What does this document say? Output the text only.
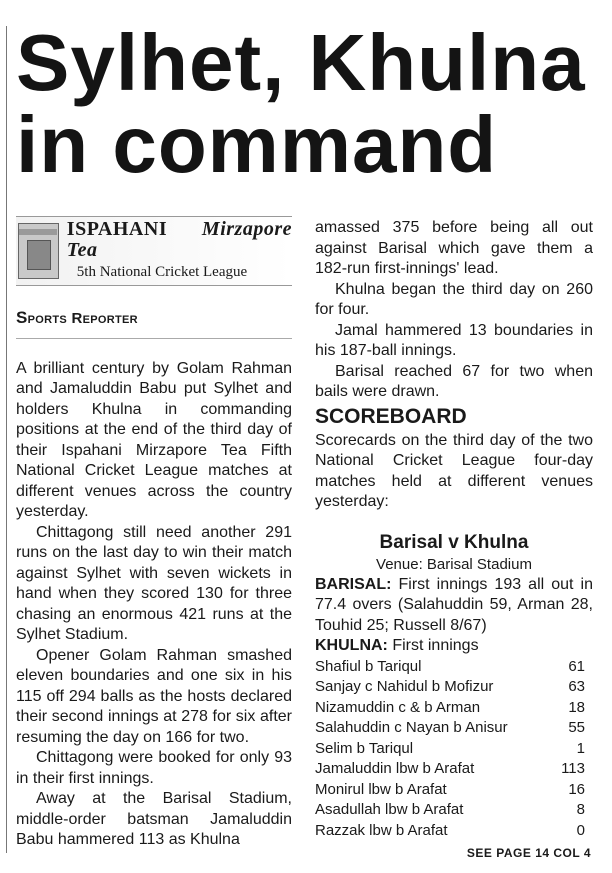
Sylhet, Khulna
in command
ISPAHANI Mirzapore Tea
5th National Cricket League
Sports Reporter

A brilliant century by Golam Rahman and Jamaluddin Babu put Sylhet and holders Khulna in commanding positions at the end of the third day of their Ispahani Mirzapore Tea Fifth National Cricket League matches at different venues across the country yesterday.

Chittagong still need another 291 runs on the last day to win their match against Sylhet with seven wickets in hand when they scored 130 for three chasing an enormous 421 runs at the Sylhet Stadium.

Opener Golam Rahman smashed eleven boundaries and one six in his 115 off 294 balls as the hosts declared their second innings at 278 for six after resuming the day on 166 for two.

Chittagong were booked for only 93 in their first innings.

Away at the Barisal Stadium, middle-order batsman Jamaluddin Babu hammered 113 as Khulna

amassed 375 before being all out against Barisal which gave them a 182-run first-innings' lead.

Khulna began the third day on 260 for four.

Jamal hammered 13 boundaries in his 187-ball innings.

Barisal reached 67 for two when bails were drawn.

SCOREBOARD

Scorecards on the third day of the two National Cricket League four-day matches held at different venues yesterday:

Barisal v Khulna
Venue: Barisal Stadium

BARISAL: First innings 193 all out in 77.4 overs (Salahuddin 59, Arman 28, Touhid 25; Russell 8/67)

KHULNA: First innings

Shafiul b Tariqul	61
Sanjay c Nahidul b Mofizur	63
Nizamuddin c & b Arman	18
Salahuddin c Nayan b Anisur	55
Selim b Tariqul	1
Jamaluddin lbw b Arafat	113
Monirul lbw b Arafat	16
Asadullah lbw b Arafat	8
Razzak lbw b Arafat	0
SEE PAGE 14 COL 4
